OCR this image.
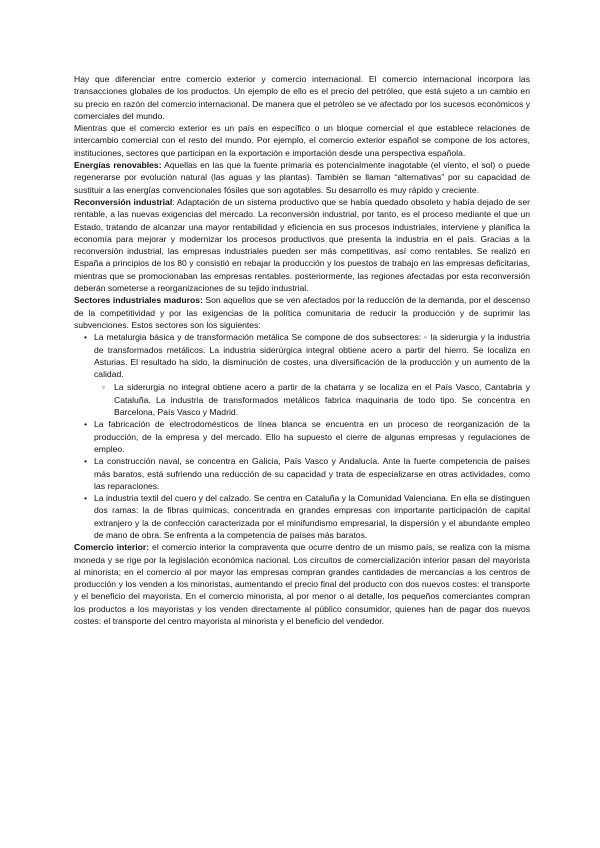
Hay que diferenciar entre comercio exterior y comercio internacional. El comercio internacional incorpora las transacciones globales de los productos. Un ejemplo de ello es el precio del petróleo, que está sujeto a un cambio en su precio en razón del comercio internacional. De manera que el petróleo se ve afectado por los sucesos económicos y comerciales del mundo.

Mientras que el comercio exterior es un país en específico o un bloque comercial el que establece relaciones de intercambio comercial con el resto del mundo. Por ejemplo, el comercio exterior español se compone de los actores, instituciones, sectores que participan en la exportación e importación desde una perspectiva española.

Energías renovables: Aquellas en las que la fuente primaria es potencialmente inagotable (el viento, el sol) o puede regenerarse por evolución natural (las aguas y las plantas). También se llaman “alternativas” por su capacidad de sustituir a las energías convencionales fósiles que son agotables. Su desarrollo es muy rápido y creciente.

Reconversión industrial: Adaptación de un sistema productivo que se había quedado obsoleto y había dejado de ser rentable, a las nuevas exigencias del mercado. La reconversión industrial, por tanto, es el proceso mediante el que un Estado, tratando de alcanzar una mayor rentabilidad y eficiencia en sus procesos industriales, interviene y planifica la economía para mejorar y modernizar los procesos productivos que presenta la industria en el país. Gracias a la reconversión industrial, las empresas industriales pueden ser más competitivas, así como rentables. Se realizó en España a principios de los 80 y consistió en rebajar la producción y los puestos de trabajo en las empresas deficitarias, mientras que se promocionaban las empresas rentables. posteriormente, las regiones afectadas por esta reconversión deberán someterse a reorganizaciones de su tejido industrial.

Sectores industriales maduros: Son aquellos que se ven afectados por la reducción de la demanda, por el descenso de la competitividad y por las exigencias de la política comunitaria de reducir la producción y de suprimir las subvenciones. Estos sectores son los siguientes:

• La metalurgia básica y de transformación metálica Se compone de dos subsectores: ◦ la siderurgia y la industria de transformados metálicos. La industria siderúrgica integral obtiene acero a partir del hierro. Se localiza en Asturias. El resultado ha sido, la disminución de costes, una diversificación de la producción y un aumento de la calidad.
◦ La siderurgia no integral obtiene acero a partir de la chatarra y se localiza en el País Vasco, Cantabria y Cataluña. La industria de transformados metálicos fabrica maquinaria de todo tipo. Se concentra en Barcelona, País Vasco y Madrid.
• La fabricación de electrodomésticos de línea blanca se encuentra en un proceso de reorganización de la producción, de la empresa y del mercado. Ello ha supuesto el cierre de algunas empresas y regulaciones de empleo.
• La construcción naval, se concentra en Galicia, País Vasco y Andalucía. Ante la fuerte competencia de países más baratos, está sufriendo una reducción de su capacidad y trata de especializarse en otras actividades, como las reparaciones.
• La industria textil del cuero y del calzado. Se centra en Cataluña y la Comunidad Valenciana. En ella se distinguen dos ramas: la de fibras químicas, concentrada en grandes empresas con importante participación de capital extranjero y la de confección caracterizada por el minifundismo empresarial, la dispersión y el abundante empleo de mano de obra. Se enfrenta a la competencia de países más baratos.

Comercio interior: el comercio interior la compraventa que ocurre dentro de un mismo país, se realiza con la misma moneda y se rige por la legislación económica nacional. Los circuitos de comercialización interior pasan del mayorista al minorista; en el comercio al por mayor las empresas compran grandes cantidades de mercancías a los centros de producción y los venden a los minoristas, aumentando el precio final del producto con dos nuevos costes: el transporte y el beneficio del mayorista. En el comercio minorista, al por menor o al detalle, los pequeños comerciantes compran los productos a los mayoristas y los venden directamente al público consumidor, quienes han de pagar dos nuevos costes: el transporte del centro mayorista al minorista y el beneficio del vendedor.
